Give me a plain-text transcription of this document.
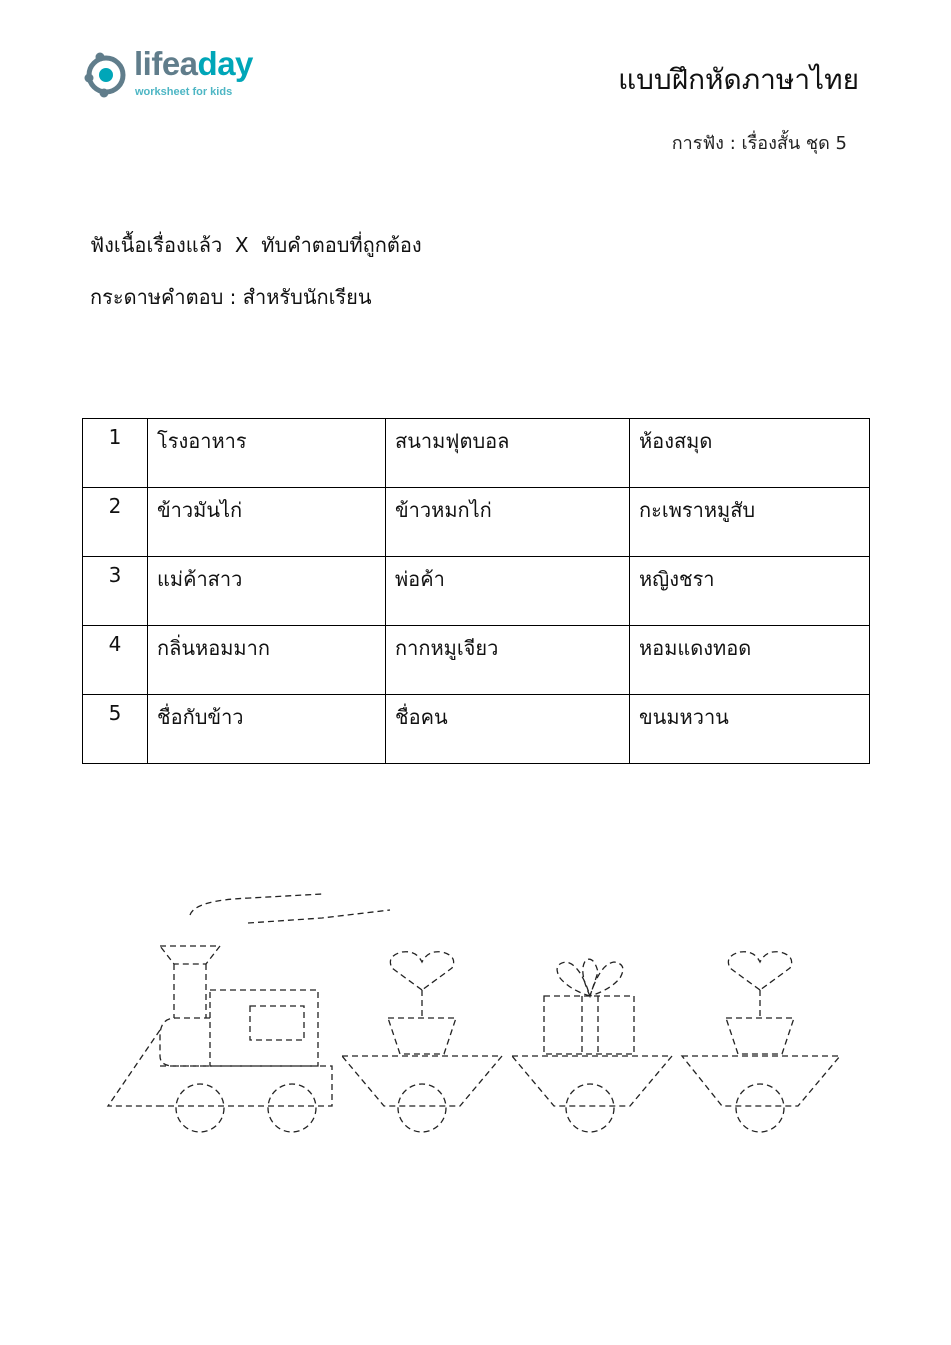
lifeaday
worksheet for kids	แบบฝึกหัดภาษาไทย
การฟัง : เรื่องสั้น ชุด 5
ฟังเนื้อเรื่องแล้ว  X  ทับคำตอบที่ถูกต้อง
กระดาษคำตอบ : สำหรับนักเรียน
1	โรงอาหาร	สนามฟุตบอล	ห้องสมุด
2	ข้าวมันไก่	ข้าวหมกไก่	กะเพราหมูสับ
3	แม่ค้าสาว	พ่อค้า	หญิงชรา
4	กลิ่นหอมมาก	กากหมูเจียว	หอมแดงทอด
5	ชื่อกับข้าว	ชื่อคน	ขนมหวาน
